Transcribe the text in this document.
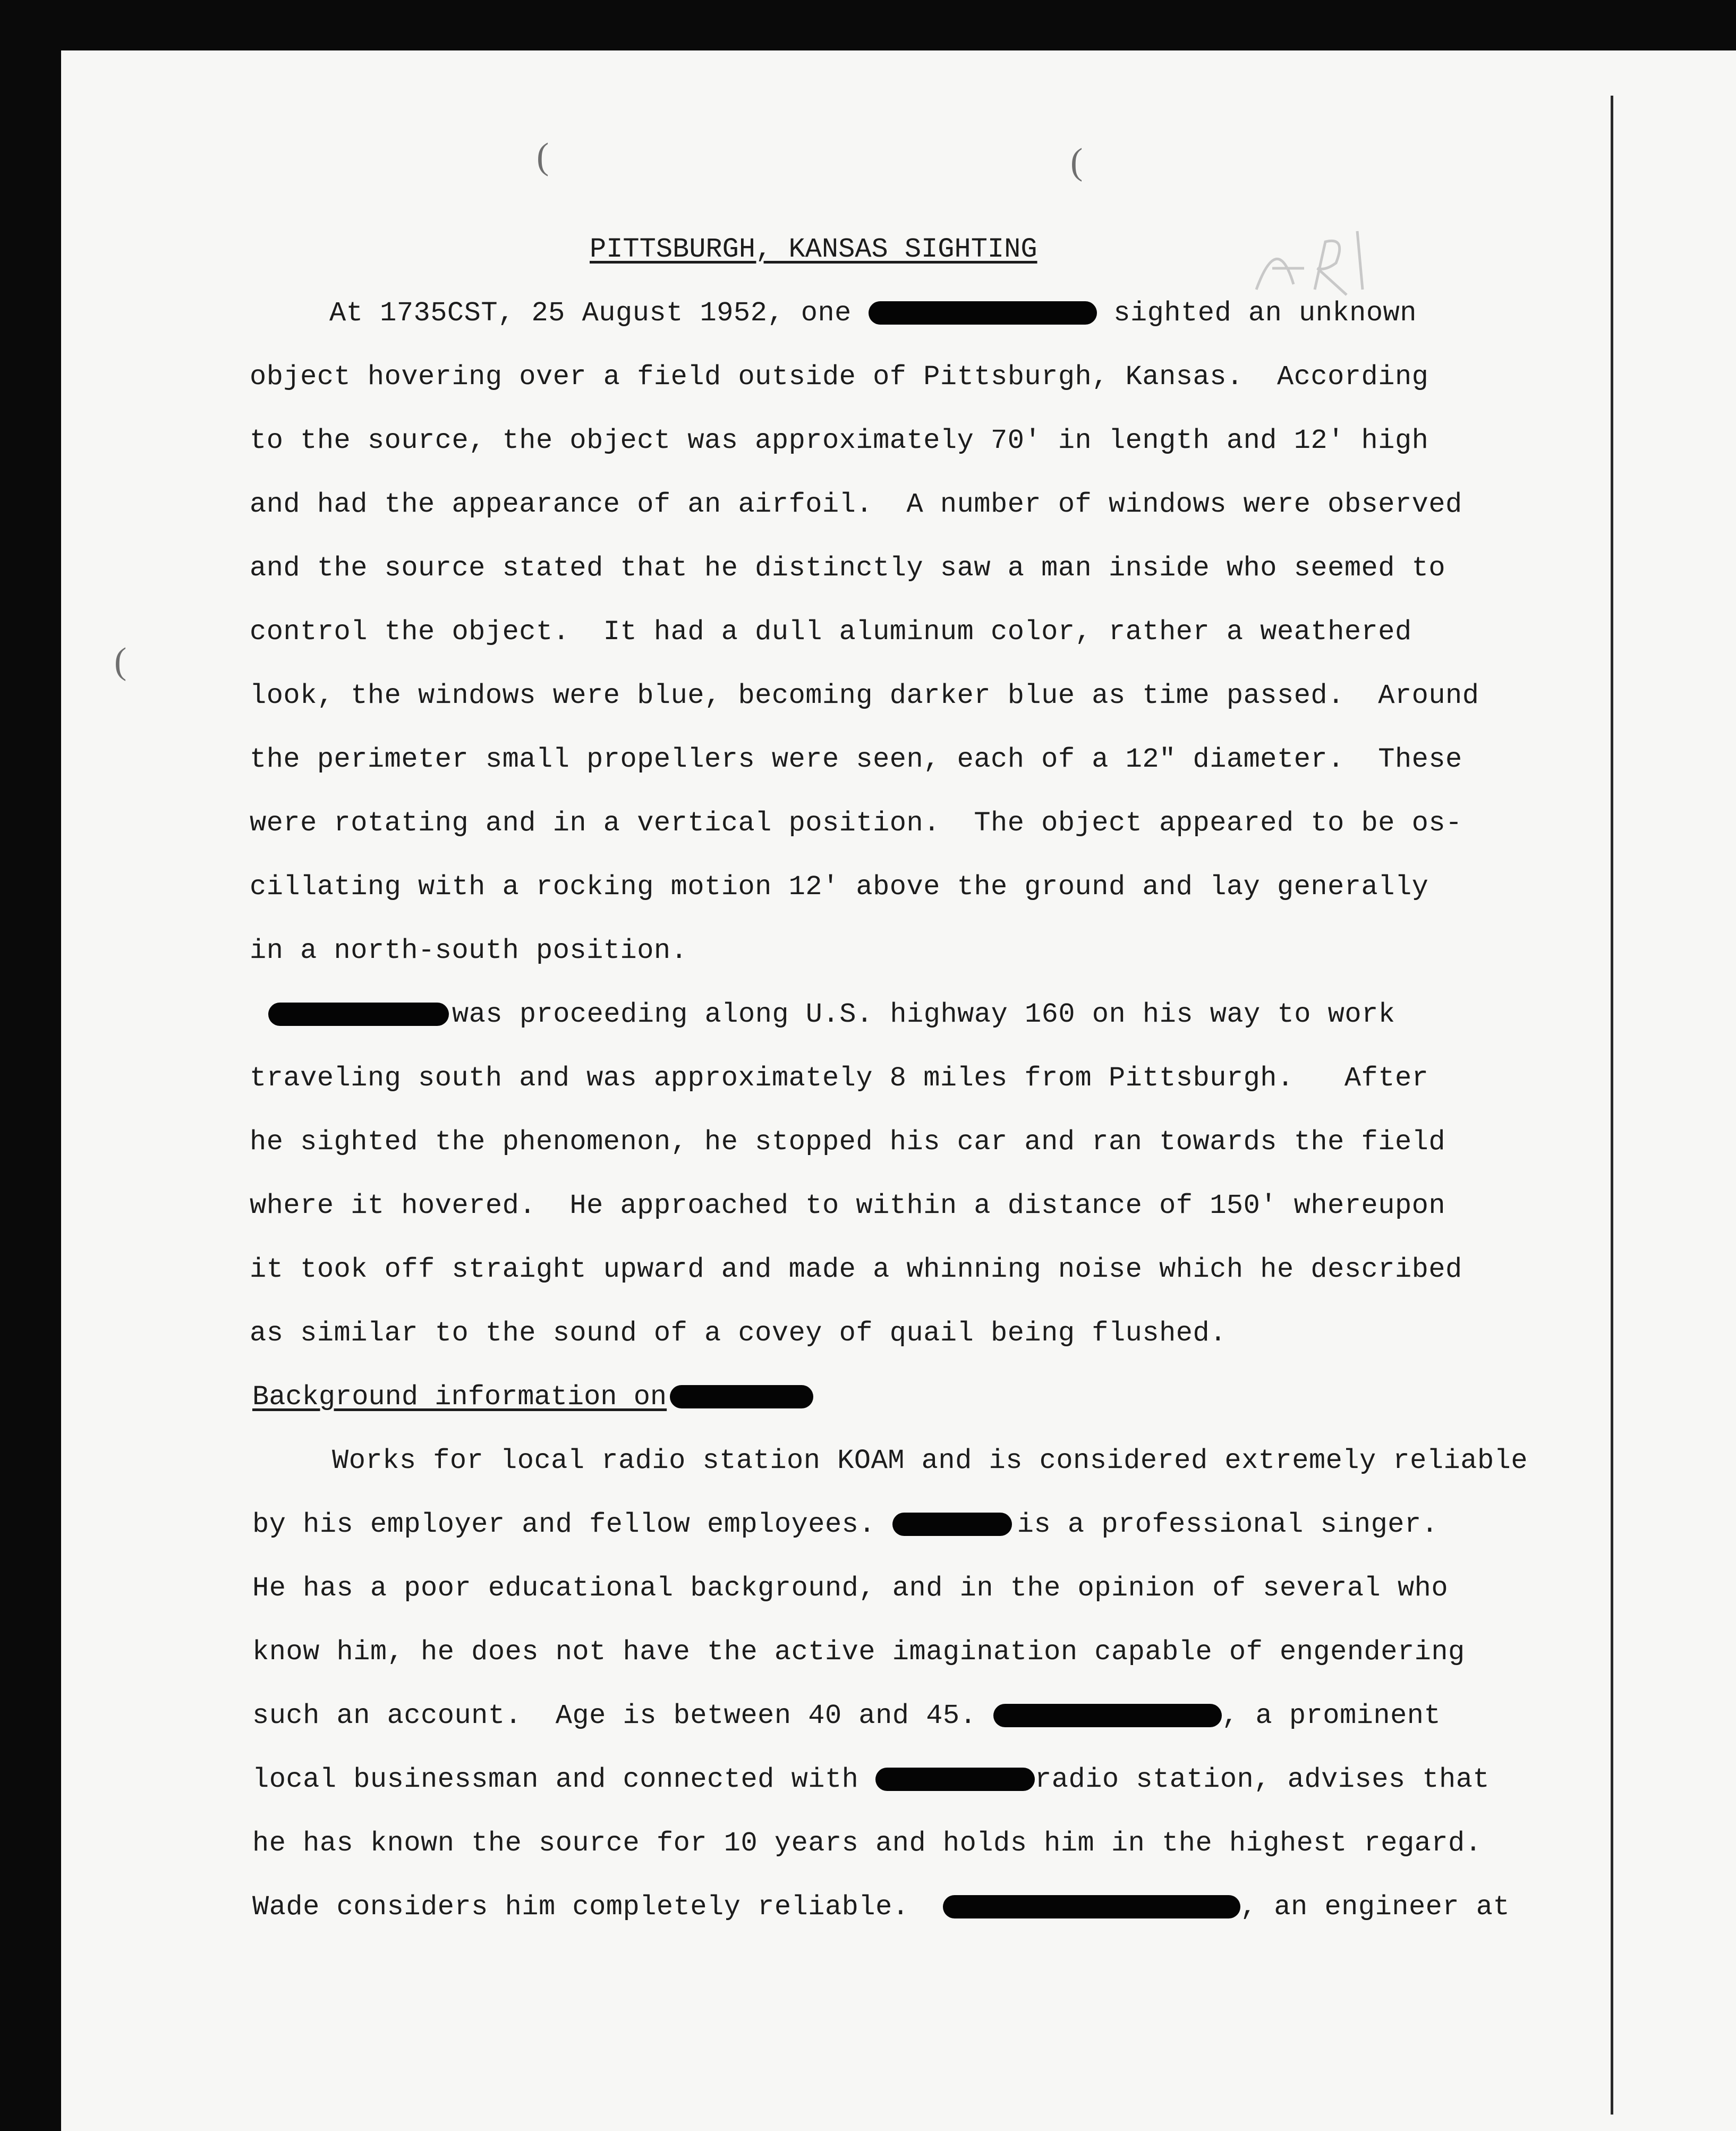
(	(
(
PITTSBURGH, KANSAS SIGHTING
At 1735CST, 25 August 1952, one	sighted an unknown
object hovering over a field outside of Pittsburgh, Kansas.  According
to the source, the object was approximately 70' in length and 12' high
and had the appearance of an airfoil.  A number of windows were observed
and the source stated that he distinctly saw a man inside who seemed to
control the object.  It had a dull aluminum color, rather a weathered
look, the windows were blue, becoming darker blue as time passed.  Around
the perimeter small propellers were seen, each of a 12" diameter.  These
were rotating and in a vertical position.  The object appeared to be os-
cillating with a rocking motion 12' above the ground and lay generally
in a north-south position.
was proceeding along U.S. highway 160 on his way to work
traveling south and was approximately 8 miles from Pittsburgh.   After
he sighted the phenomenon, he stopped his car and ran towards the field
where it hovered.  He approached to within a distance of 150' whereupon
it took off straight upward and made a whinning noise which he described
as similar to the sound of a covey of quail being flushed.
Background information on
Works for local radio station KOAM and is considered extremely reliable
by his employer and fellow employees.	is a professional singer.
He has a poor educational background, and in the opinion of several who
know him, he does not have the active imagination capable of engendering
such an account.  Age is between 40 and 45.	, a prominent
local businessman and connected with	radio station, advises that
he has known the source for 10 years and holds him in the highest regard.
Wade considers him completely reliable.	, an engineer at
